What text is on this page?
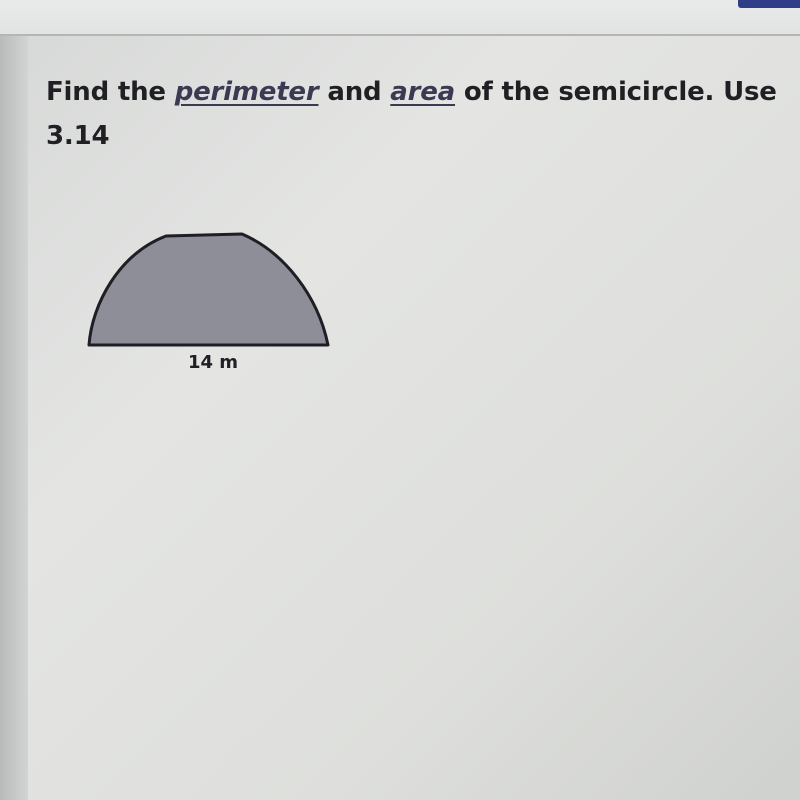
Find the perimeter and area of the semicircle. Use
3.14
14 m
